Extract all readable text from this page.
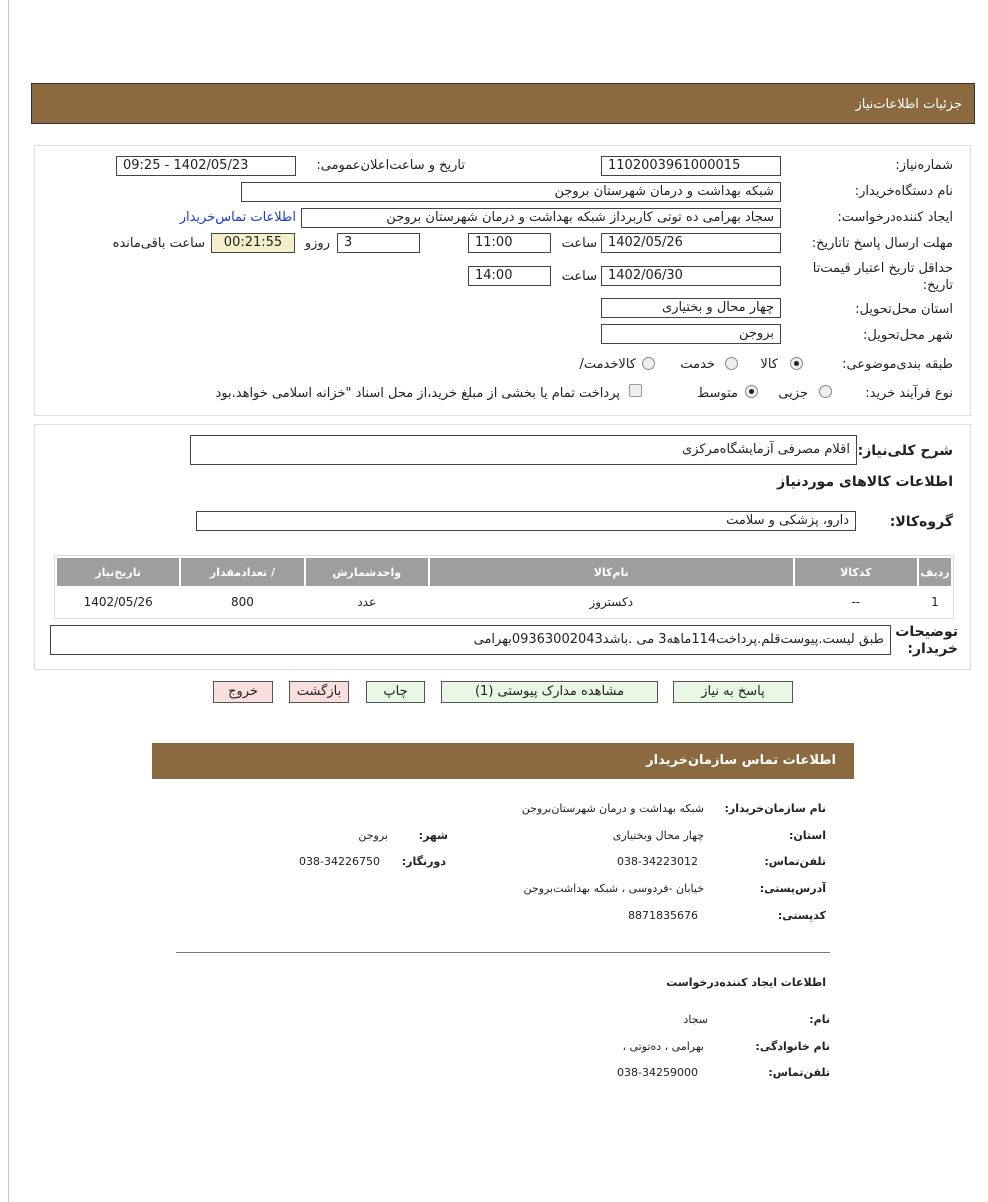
جزئیات اطلاعات‌نیاز
شماره‌نیاز:
1102003961000015
تاریخ و ساعت‌اعلان‌عمومی:
1402/05/23 - 09:25
نام دستگاه‌خریدار:
شبکه بهداشت و درمان شهرستان بروجن
ایجاد کننده‌درخواست:
سجاد بهرامی ده توتی کاربرداز شبکه بهداشت و درمان شهرستان بروجن
اطلاعات تماس‌خریدار
مهلت ارسال پاسخ تا‌تاریخ:
1402/05/26
ساعت
11:00
3
روزو
00:21:55
ساعت باقی‌مانده
حداقل تاریخ اعتبار قیمت‌تا تاریخ:
1402/06/30
ساعت
14:00
استان محل‌تحویل:
چهار محال و بختیاری
شهر محل‌تحویل:
بروجن
طبقه بندی‌موضوعی:
کالا
خدمت
کالا‌خدمت/
نوع فرآیند خرید:
جزیی
متوسط
پرداخت تمام یا بخشی از مبلغ خرید،از محل اسناد "خزانه اسلامی خواهد.بود
شرح کلی‌نیاز:
اقلام مصرفی آزمایشگاه‌مرکزی
اطلاعات کالاهای موردنیاز
گروه‌کالا:
دارو، پزشکی و سلامت
ردیف	کدکالا	نام‌کالا	واحدشمارش	/ تعدادمقدار	تاریخ‌نیاز
1	--	دکستروز	عدد	800	1402/05/26
توضیحات خریدار:
طبق لیست.پیوست‌قلم.پرداخت114ماهه3 می .باشد09363002043بهرامی
پاسخ به نیاز
مشاهده مدارک پیوستی (1)
چاپ
بازگشت
خروج
اطلاعات تماس سازمان‌خریدار
نام سازمان‌خریدار:
شبکه بهداشت و درمان شهرستان‌بروجن
استان:
چهار محال وبختیاری
شهر:
بروجن
تلفن‌تماس:
038-34223012
دورنگار:
038-34226750
آدرس‌پستی:
خیابان -فردوسی ، شبکه بهداشت‌بروجن
کد‌پستی:
8871835676
اطلاعات ایجاد کننده‌درخواست
نام:
سجاد
نام خانوادگی:
بهرامی ، ده‌توتی ،
تلفن‌تماس:
038-34259000
